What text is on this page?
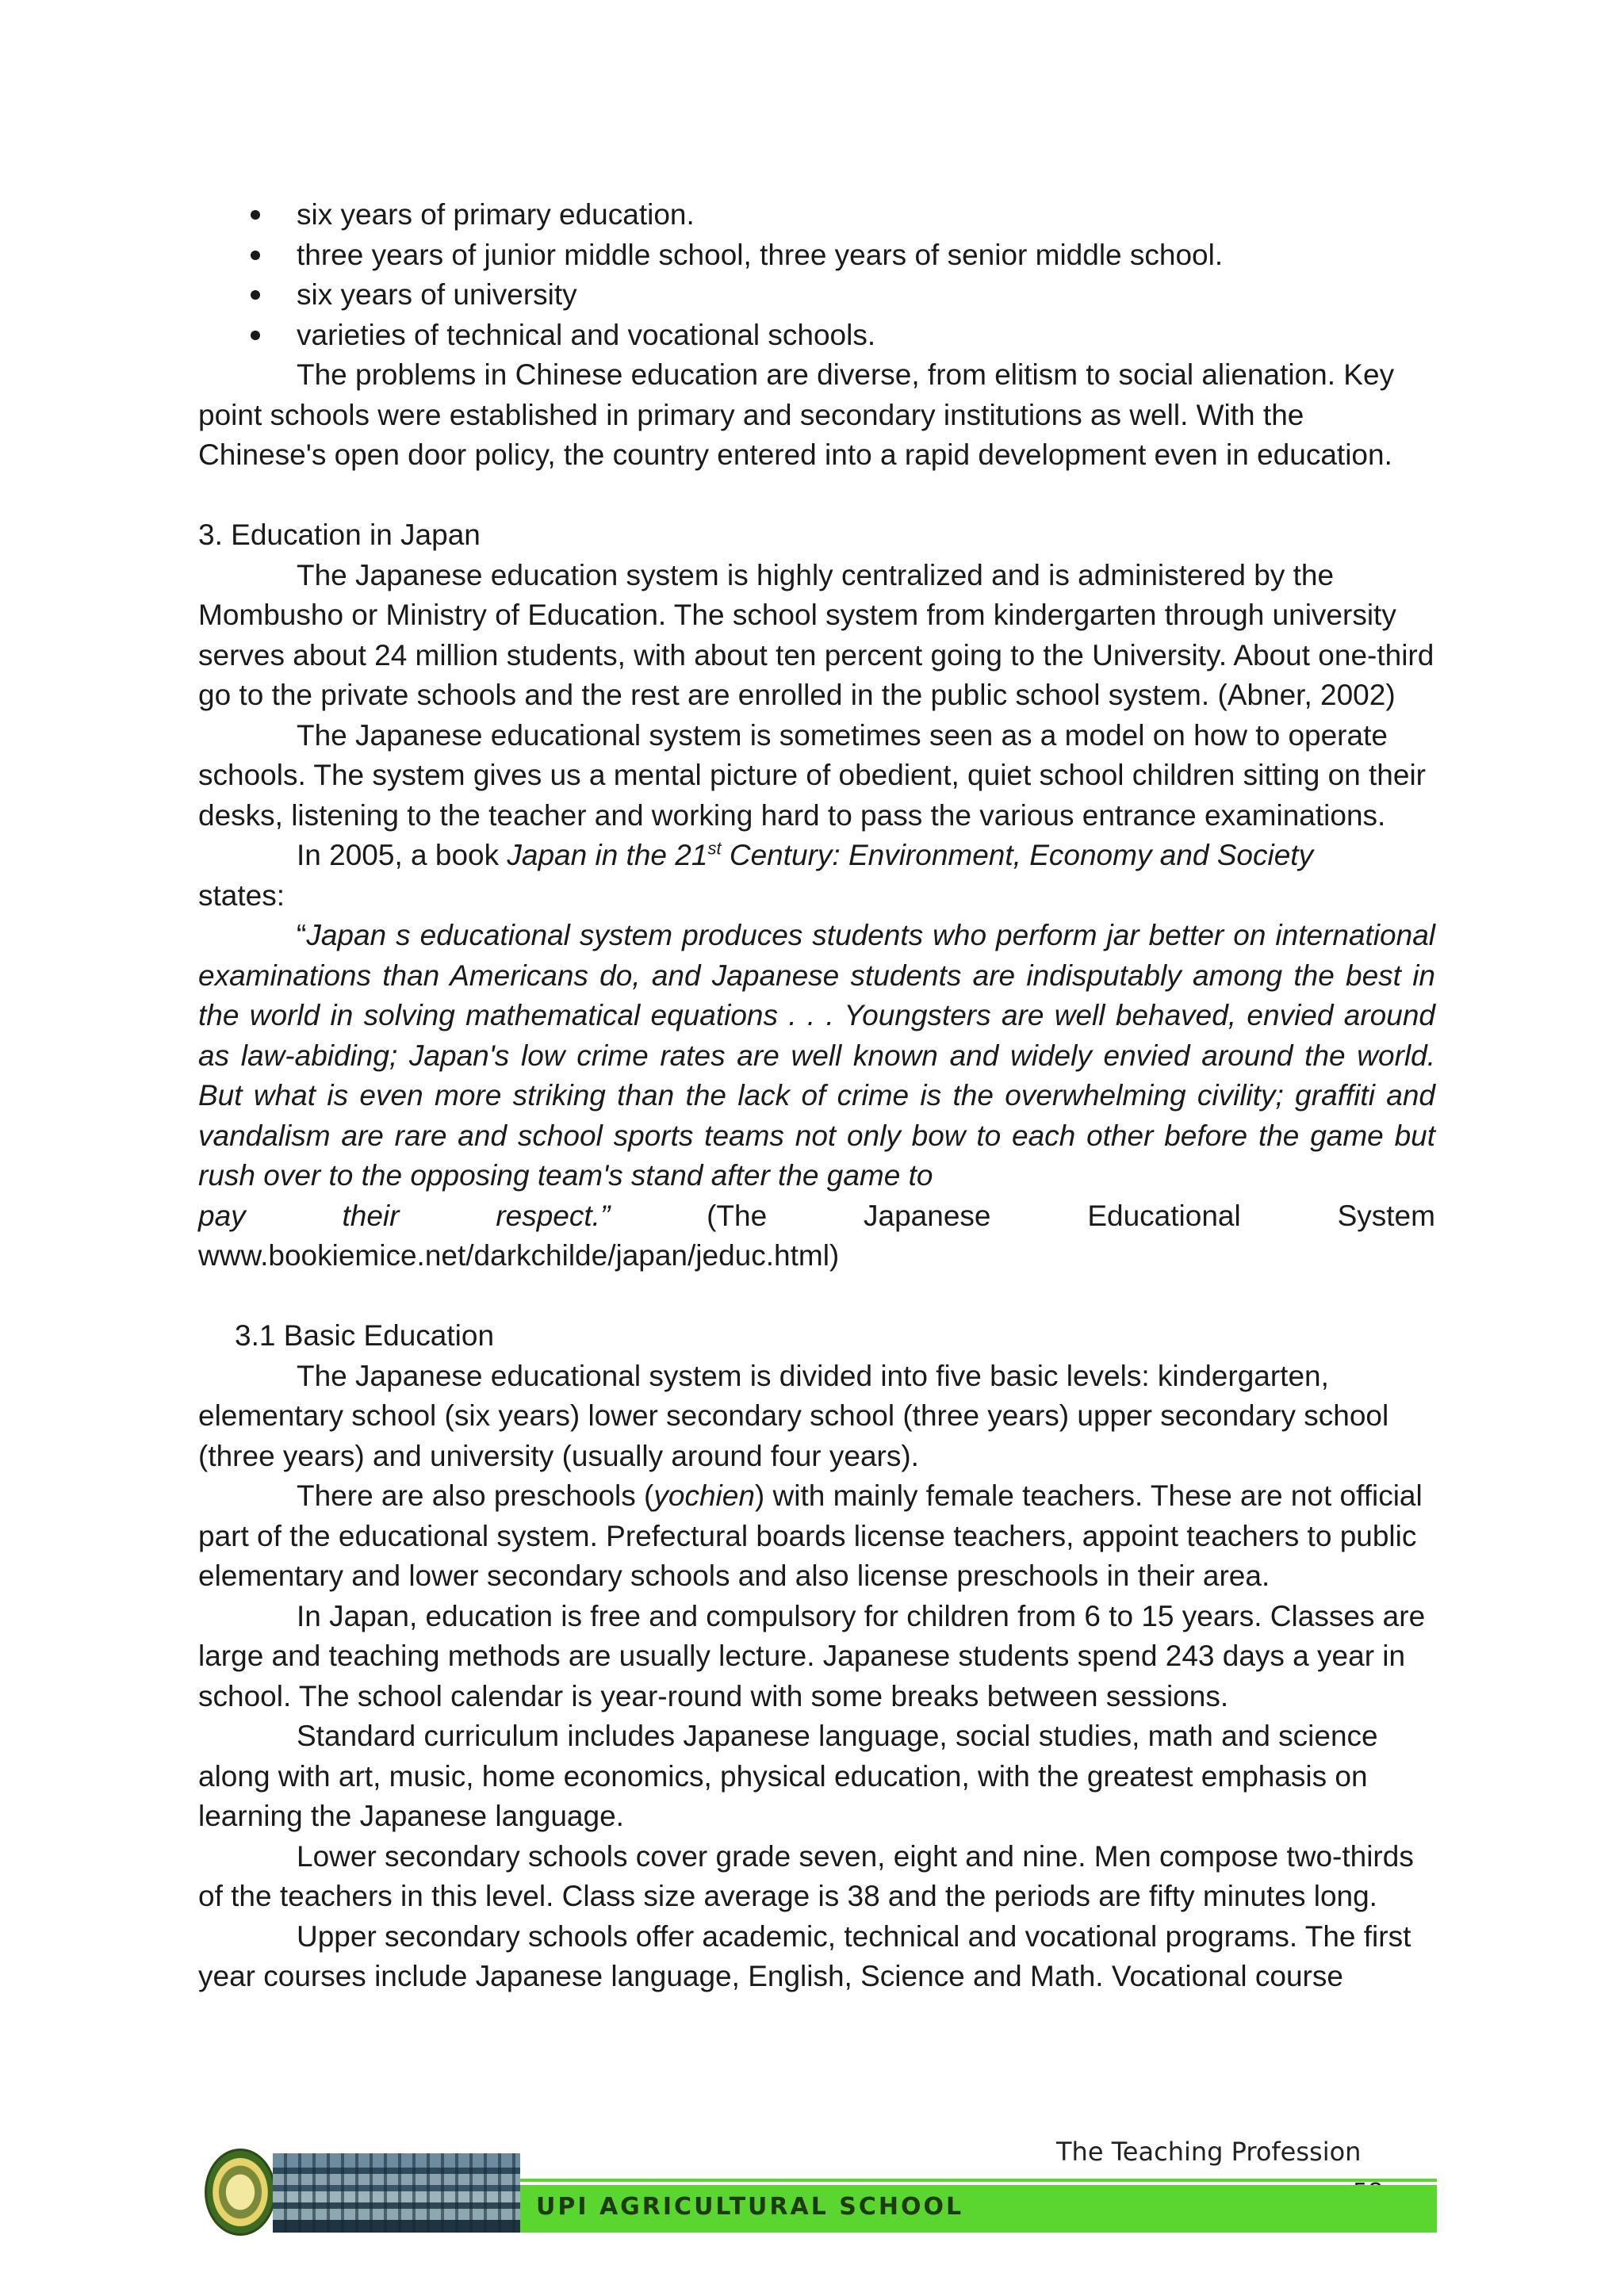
six years of primary education.
three years of junior middle school, three years of senior middle school.
six years of university
varieties of technical and vocational schools.

The problems in Chinese education are diverse, from elitism to social alienation. Key point schools were established in primary and secondary institutions as well. With the Chinese's open door policy, the country entered into a rapid development even in education.

3. Education in Japan

The Japanese education system is highly centralized and is administered by the Mombusho or Ministry of Education. The school system from kindergarten through university serves about 24 million students, with about ten percent going to the University. About one-third go to the private schools and the rest are enrolled in the public school system. (Abner, 2002)

The Japanese educational system is sometimes seen as a model on how to operate schools. The system gives us a mental picture of obedient, quiet school children sitting on their desks, listening to the teacher and working hard to pass the various entrance examinations.

In 2005, a book Japan in the 21st Century: Environment, Economy and Society

states:

“Japan s educational system produces students who perform jar better on international examinations than Americans do, and Japanese students are indisputably among the best in the world in solving mathematical equations . . . Youngsters are well behaved, envied around as law-abiding; Japan's low crime rates are well known and widely envied around the world. But what is even more striking than the lack of crime is the overwhelming civility; graffiti and vandalism are rare and school sports teams not only bow to each other before the game but rush over to the opposing team's stand after the game to
pay	their	respect.”	(The	Japanese	Educational	System

www.bookiemice.net/darkchilde/japan/jeduc.html)

3.1 Basic Education

The Japanese educational system is divided into five basic levels: kindergarten, elementary school (six years) lower secondary school (three years) upper secondary school (three years) and university (usually around four years).

There are also preschools (yochien) with mainly female teachers. These are not official part of the educational system. Prefectural boards license teachers, appoint teachers to public elementary and lower secondary schools and also license preschools in their area.

In Japan, education is free and compulsory for children from 6 to 15 years. Classes are large and teaching methods are usually lecture. Japanese students spend 243 days a year in school. The school calendar is year-round with some breaks between sessions.

Standard curriculum includes Japanese language, social studies, math and science along with art, music, home economics, physical education, with the greatest emphasis on learning the Japanese language.

Lower secondary schools cover grade seven, eight and nine. Men compose two-thirds of the teachers in this level. Class size average is 38 and the periods are fifty minutes long.

Upper secondary schools offer academic, technical and vocational programs. The first year courses include Japanese language, English, Science and Math. Vocational course

The Teaching Profession
UPI AGRICULTURAL SCHOOL
